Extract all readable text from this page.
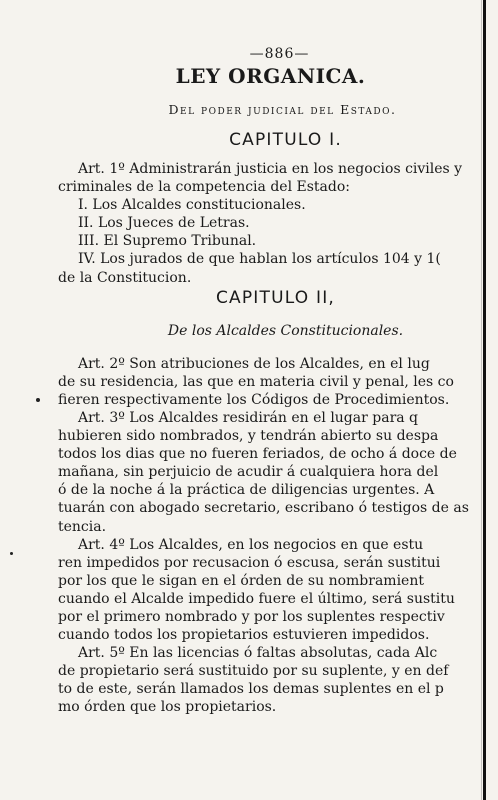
—886—
LEY ORGANICA.
Del poder judicial del Estado.
CAPITULO I.
Art. 1º Administrarán justicia en los negocios civiles y
criminales de la competencia del Estado:
I. Los Alcaldes constitucionales.
II. Los Jueces de Letras.
III. El Supremo Tribunal.
IV. Los jurados de que hablan los artículos 104 y 1(
de la Constitucion.
CAPITULO II,
De los Alcaldes Constitucionales.
Art. 2º Son atribuciones de los Alcaldes, en el lug
de su residencia, las que en materia civil y penal, les co
fieren respectivamente los Códigos de Procedimientos.
Art. 3º Los Alcaldes residirán en el lugar para q
hubieren sido nombrados, y tendrán abierto su despa
todos los dias que no fueren feriados, de ocho á doce de
mañana, sin perjuicio de acudir á cualquiera hora del
ó de la noche á la práctica de diligencias urgentes. A
tuarán con abogado secretario, escribano ó testigos de as
tencia.
Art. 4º Los Alcaldes, en los negocios en que estu
ren impedidos por recusacion ó escusa, serán sustitui
por los que le sigan en el órden de su nombramient
cuando el Alcalde impedido fuere el último, será sustitu
por el primero nombrado y por los suplentes respectiv
cuando todos los propietarios estuvieren impedidos.
Art. 5º En las licencias ó faltas absolutas, cada Alc
de propietario será sustituido por su suplente, y en def
to de este, serán llamados los demas suplentes en el p
mo órden que los propietarios.
